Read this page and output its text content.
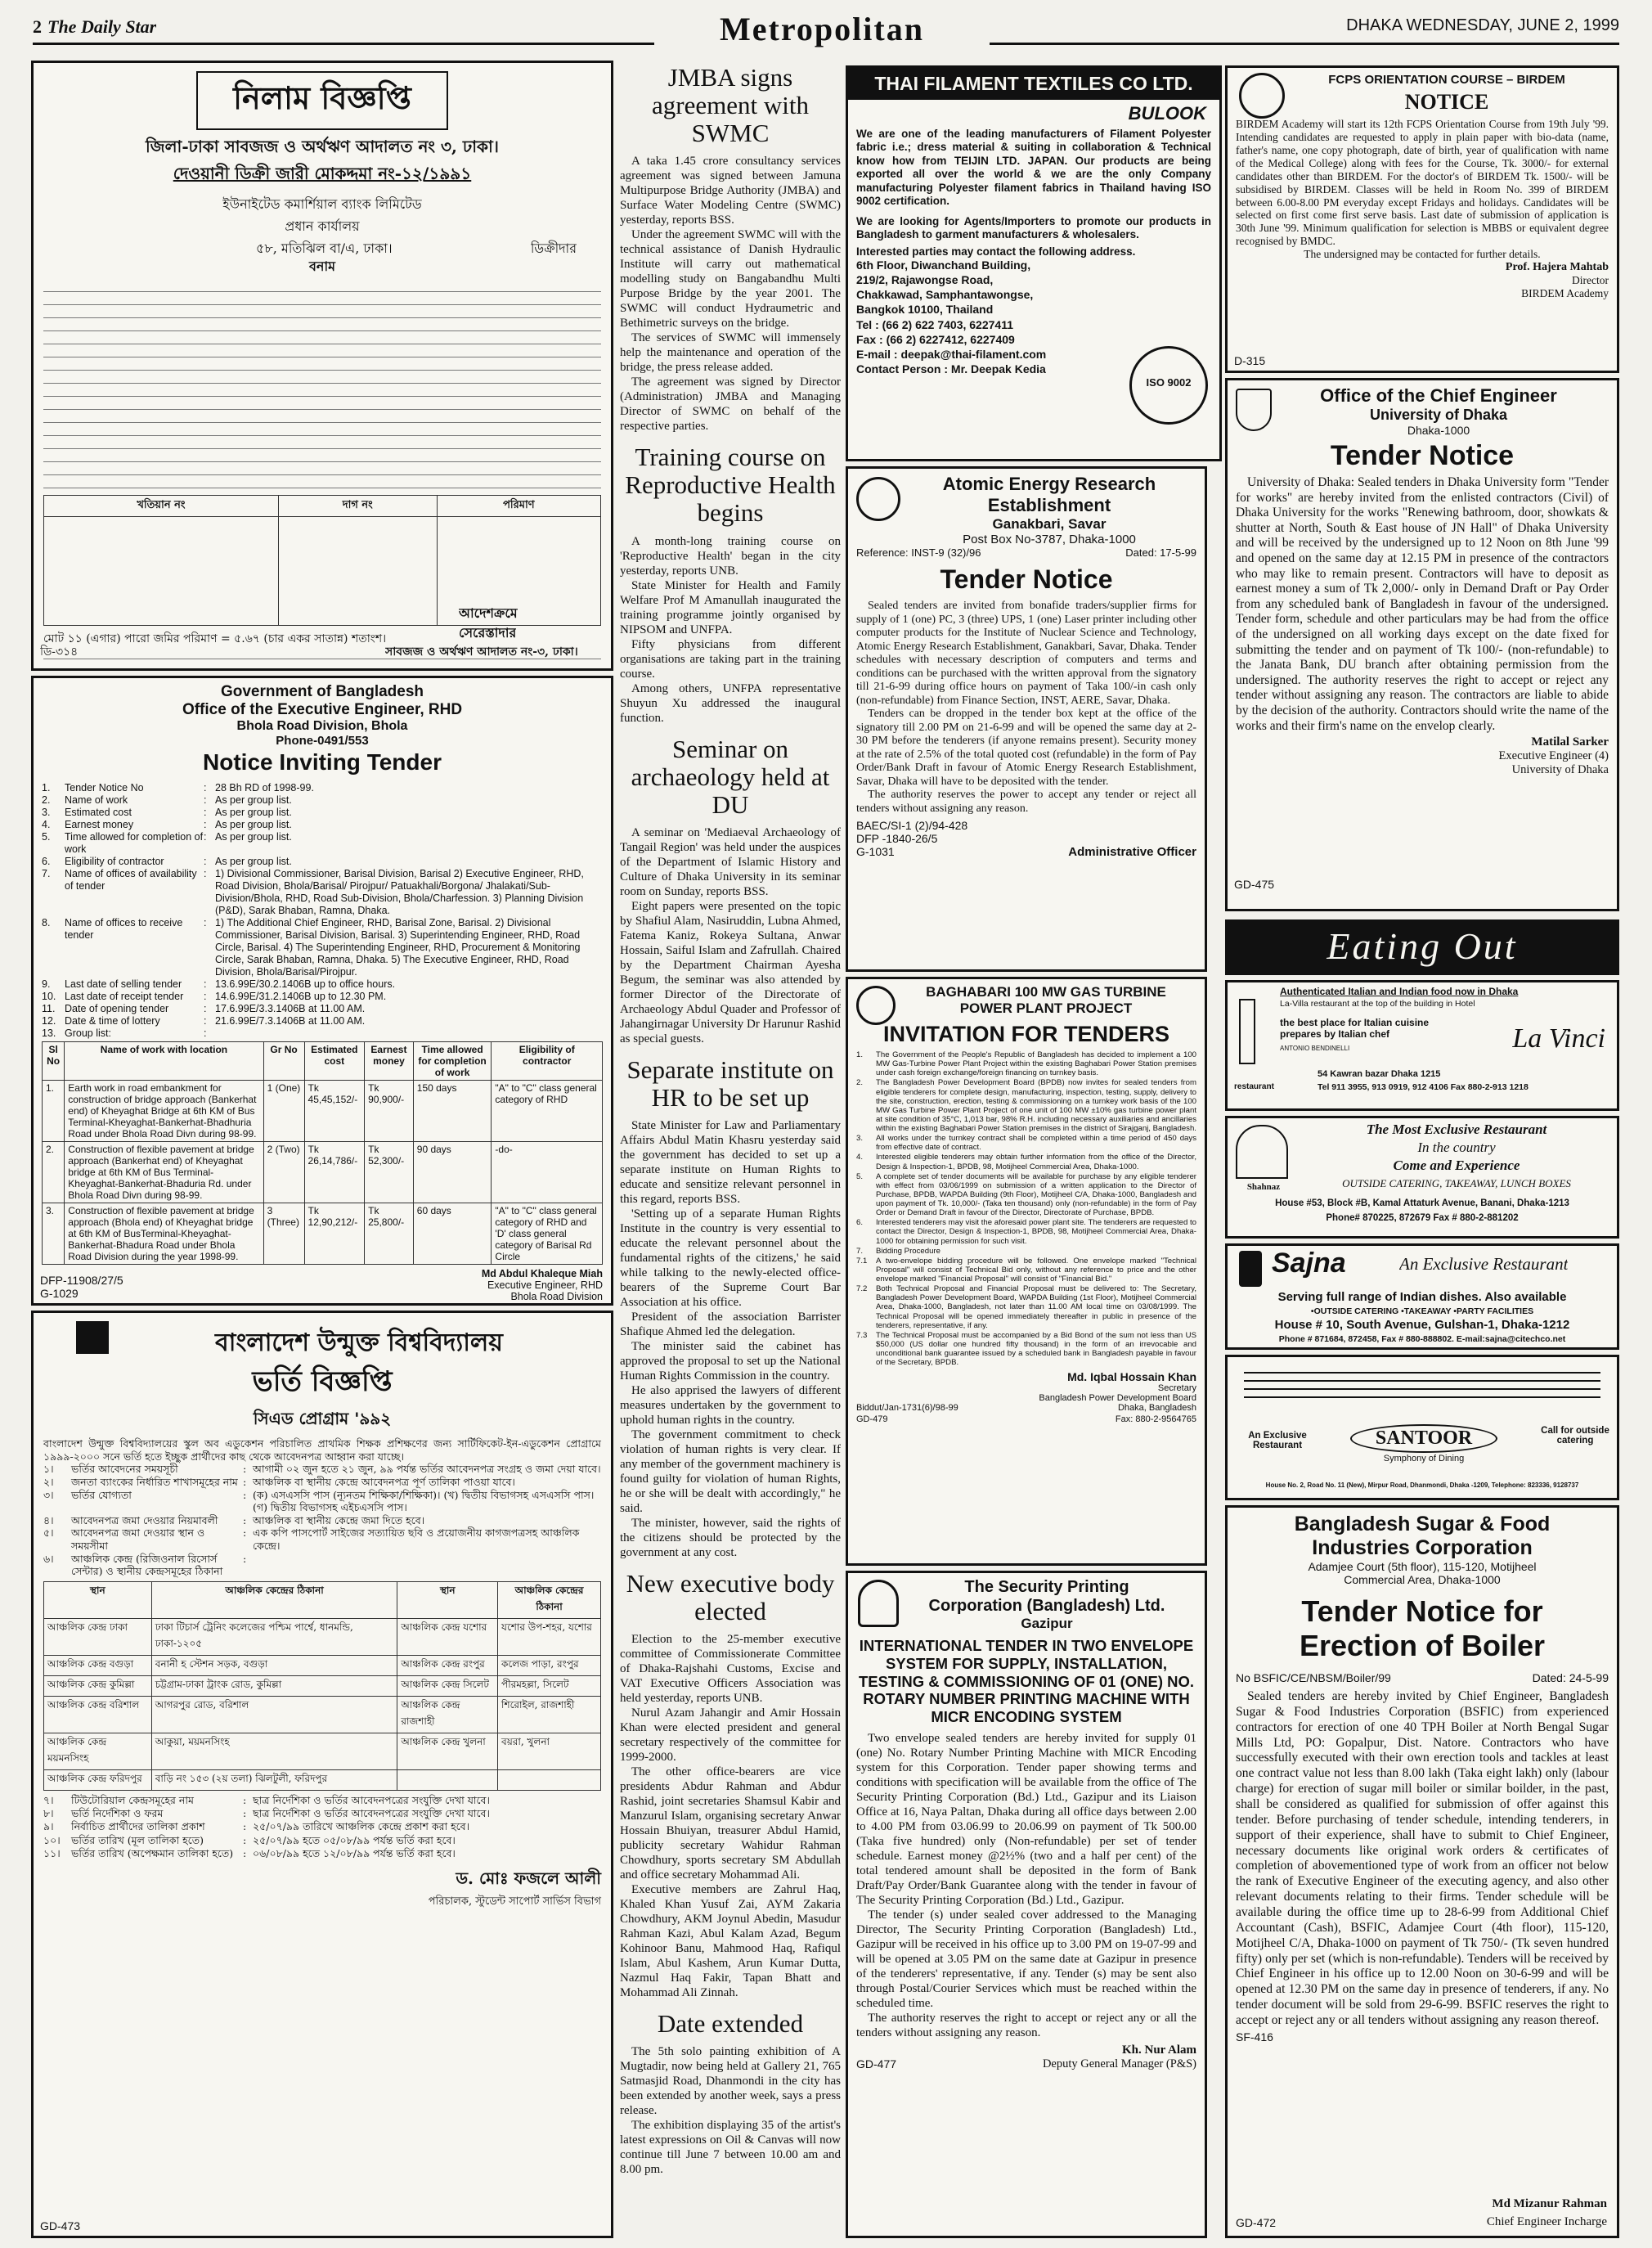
2 The Daily Star	Metropolitan	DHAKA WEDNESDAY, JUNE 2, 1999
নিলাম বিজ্ঞপ্তি
জিলা-ঢাকা সাবজজ ও অর্থঋণ আদালত নং ৩, ঢাকা।
দেওয়ানী ডিক্রী জারী মোকদ্দমা নং-১২/১৯৯১
ইউনাইটেড কমার্শিয়াল ব্যাংক লিমিটেড
প্রধান কার্যালয়
৫৮, মতিঝিল বা/এ, ঢাকা।	ডিক্রীদার
বনাম
খতিয়ান নং	দাগ নং	পরিমাণ

মোট ১১ (এগার) পারো জমির পরিমাণ = ৫.৬৭ (চার একর সাতান্ন) শতাংশ।
আদেশক্রমে
সেরেস্তাদার
ডি-৩১৪	সাবজজ ও অর্থঋণ আদালত নং-৩, ঢাকা।
Government of Bangladesh
Office of the Executive Engineer, RHD
Bhola Road Division, Bhola
Phone-0491/553
Notice Inviting Tender
1.	Tender Notice No	: 28 Bh RD of 1998-99.
2.	Name of work	: As per group list.
3.	Estimated cost	: As per group list.
4.	Earnest money	: As per group list.
5.	Time allowed for completion of work
: As per group list.
6.	Eligibility of contractor	: As per group list.
7.	Name of offices of availability of tender
: 1) Divisional Commissioner, Barisal Division, Barisal 2) Executive Engineer, RHD, Road Division, Bhola/Barisal/ Pirojpur/ Patuakhali/Borgona/ Jhalakati/Sub-Division/Bhola, RHD, Road Sub-Division, Bhola/Charfession. 3) Planning Division (P&D), Sarak Bhaban, Ramna, Dhaka.
8.	Name of offices to receive tender
: 1) The Additional Chief Engineer, RHD, Barisal Zone, Barisal. 2) Divisional Commissioner, Barisal Division, Barisal. 3) Superintending Engineer, RHD, Road Circle, Barisal. 4) The Superintending Engineer, RHD, Procurement & Monitoring Circle, Sarak Bhaban, Ramna, Dhaka. 5) The Executive Engineer, RHD, Road Division, Bhola/Barisal/Pirojpur.
9.	Last date of selling tender	: 13.6.99E/30.2.1406B up to office hours.
10. Last date of receipt tender	: 14.6.99E/31.2.1406B up to 12.30 PM.
11. Date of opening tender	: 17.6.99E/3.3.1406B at 11.00 AM.
12. Date & time of lottery	: 21.6.99E/7.3.1406B at 11.00 AM.
13. Group list:	:
Sl No	Name of work with location	Gr No	Estimated cost	Earnest money	Time allowed for completion of work	Eligibility of contractor
1.	Earth work in road embankment for construction of bridge approach (Bankerhat end) of Kheyaghat Bridge at 6th KM of Bus Terminal-Kheyaghat-Bankerhat-Bhadhuria Road under Bhola Road Divn during 98-99.	1 (One)	Tk 45,45,152/-	Tk 90,900/-	150 days	"A" to "C" class general category of RHD
2.	Construction of flexible pavement at bridge approach (Bankerhat end) of Kheyaghat bridge at 6th KM of Bus Terminal-Kheyaghat-Bankerhat-Bhaduria Rd. under Bhola Road Divn during 98-99.	2 (Two)	Tk 26,14,786/-	Tk 52,300/-	90 days	-do-
3.	Construction of flexible pavement at bridge approach (Bhola end) of Kheyaghat bridge at 6th KM of BusTerminal-Kheyaghat-Bankerhat-Bhadura Road under Bhola Road Division during the year 1998-99.	3 (Three)	Tk 12,90,212/-	Tk 25,800/-	60 days	"A" to "C" class general category of RHD and 'D' class general category of Barisal Rd Circle
Md Abdul Khaleque Miah
Executive Engineer, RHD
Bhola Road Division
DFP-11908/27/5
G-1029
বাংলাদেশ উন্মুক্ত বিশ্ববিদ্যালয়
ভর্তি বিজ্ঞপ্তি
সিএড প্রোগ্রাম '৯৯২
বাংলাদেশ উন্মুক্ত বিশ্ববিদ্যালয়ের স্কুল অব এডুকেশন পরিচালিত প্রাথমিক শিক্ষক প্রশিক্ষণের জন্য সার্টিফিকেট-ইন-এডুকেশন প্রোগ্রামে ১৯৯৯-২০০০ সনে ভর্তি হতে ইচ্ছুক প্রার্থীদের কাছ থেকে আবেদনপত্র আহ্বান করা যাচ্ছে।
১।	ভর্তির আবেদনের সময়সূচী	: আগামী ০২ জুন হতে ২১ জুন, ৯৯ পর্যন্ত ভর্তির আবেদনপত্র সংগ্রহ ও জমা দেয়া যাবে।
২।	জনতা ব্যাংকের নির্ধারিত শাখাসমূহের নাম : আঞ্চলিক বা স্থানীয় কেন্দ্রে আবেদনপত্র পূর্ণ তালিকা পাওয়া যাবে।
৩।	ভর্তির যোগ্যতা	: (ক) এসএসসি পাস (ন্যূনতম শিক্ষিকা/শিক্ষিকা)। (খ) দ্বিতীয় বিভাগসহ এসএসসি পাস। (গ) দ্বিতীয় বিভাগসহ এইচএসসি পাস।
৪।	আবেদনপত্র জমা দেওয়ার নিয়মাবলী	: আঞ্চলিক বা স্থানীয় কেন্দ্রে জমা দিতে হবে।
৫।	আবেদনপত্র জমা দেওয়ার স্থান ও সময়সীমা
: এক কপি পাসপোর্ট সাইজের সত্যায়িত ছবি ও প্রয়োজনীয় কাগজপত্রসহ আঞ্চলিক কেন্দ্রে।
৬।	আঞ্চলিক কেন্দ্র (রিজিওনাল রিসোর্স সেন্টার) ও স্থানীয় কেন্দ্রসমূহের ঠিকানা
:
স্থান	আঞ্চলিক কেন্দ্রের ঠিকানা	স্থান	আঞ্চলিক কেন্দ্রের ঠিকানা
আঞ্চলিক কেন্দ্র ঢাকা	ঢাকা টিচার্স ট্রেনিং কলেজের পশ্চিম পার্শ্বে, ধানমন্ডি, ঢাকা-১২০৫	আঞ্চলিক কেন্দ্র যশোর	যশোর উপ-শহর, যশোর
আঞ্চলিক কেন্দ্র বগুড়া	বনানী হ স্টেশন সড়ক, বগুড়া	আঞ্চলিক কেন্দ্র রংপুর	কলেজ পাড়া, রংপুর
আঞ্চলিক কেন্দ্র কুমিল্লা	চট্টগ্রাম-ঢাকা ট্রাংক রোড, কুমিল্লা	আঞ্চলিক কেন্দ্র সিলেট	পীরমহল্লা, সিলেট
আঞ্চলিক কেন্দ্র বরিশাল	আগরপুর রোড, বরিশাল	আঞ্চলিক কেন্দ্র রাজশাহী	শিরোইল, রাজশাহী
আঞ্চলিক কেন্দ্র ময়মনসিংহ	আকুয়া, ময়মনসিংহ	আঞ্চলিক কেন্দ্র খুলনা	বয়রা, খুলনা
আঞ্চলিক কেন্দ্র ফরিদপুর	বাড়ি নং ১৫৩ (২য় তলা) ঝিলটুলী, ফরিদপুর		
৭।	টিউটোরিয়াল কেন্দ্রসমূহের নাম	: ছাত্র নির্দেশিকা ও ভর্তির আবেদনপত্রের সংযুক্তি দেখা যাবে।
৮।	ভর্তি নির্দেশিকা ও ফরম	: ছাত্র নির্দেশিকা ও ভর্তির আবেদনপত্রের সংযুক্তি দেখা যাবে।
৯।	নির্বাচিত প্রার্থীদের তালিকা প্রকাশ	: ২৫/০৭/৯৯ তারিখে আঞ্চলিক কেন্দ্রে প্রকাশ করা হবে।
১০।	ভর্তির তারিখ (মূল তালিকা হতে)	: ২৫/০৭/৯৯ হতে ০৫/০৮/৯৯ পর্যন্ত ভর্তি করা হবে।
১১।	ভর্তির তারিখ (অপেক্ষমান তালিকা হতে) : ০৬/০৮/৯৯ হতে ১২/০৮/৯৯ পর্যন্ত ভর্তি করা হবে।
ড. মোঃ ফজলে আলী
পরিচালক, স্টুডেন্ট সাপোর্ট সার্ভিস বিভাগ
GD-473
JMBA signs agreement with SWMC

A taka 1.45 crore consultancy services agreement was signed between Jamuna Multipurpose Bridge Authority (JMBA) and Surface Water Modeling Centre (SWMC) yesterday, reports BSS.

Under the agreement SWMC will with the technical assistance of Danish Hydraulic Institute will carry out mathematical modelling study on Bangabandhu Multi Purpose Bridge by the year 2001. The SWMC will conduct Hydraumetric and Bethimetric surveys on the bridge.

The services of SWMC will immensely help the maintenance and operation of the bridge, the press release added.

The agreement was signed by Director (Administration) JMBA and Managing Director of SWMC on behalf of the respective parties.

Training course on Reproductive Health begins

A month-long training course on 'Reproductive Health' began in the city yesterday, reports UNB.

State Minister for Health and Family Welfare Prof M Amanullah inaugurated the training programme jointly organised by NIPSOM and UNFPA.

Fifty physicians from different organisations are taking part in the training course.

Among others, UNFPA representative Shuyun Xu addressed the inaugural function.

Seminar on archaeology held at DU

A seminar on 'Mediaeval Archaeology of Tangail Region' was held under the auspices of the Department of Islamic History and Culture of Dhaka University in its seminar room on Sunday, reports BSS.

Eight papers were presented on the topic by Shafiul Alam, Nasiruddin, Lubna Ahmed, Fatema Kaniz, Rokeya Sultana, Anwar Hossain, Saiful Islam and Zafrullah. Chaired by the Department Chairman Ayesha Begum, the seminar was also attended by former Director of the Directorate of Archaeology Abdul Quader and Professor of Jahangirnagar University Dr Harunur Rashid as special guests.

Separate institute on HR to be set up

State Minister for Law and Parliamentary Affairs Abdul Matin Khasru yesterday said the government has decided to set up a separate institute on Human Rights to educate and sensitize relevant personnel in this regard, reports BSS.

'Setting up of a separate Human Rights Institute in the country is very essential to educate the relevant personnel about the fundamental rights of the citizens,' he said while talking to the newly-elected office-bearers of the Supreme Court Bar Association at his office.

President of the association Barrister Shafique Ahmed led the delegation.

The minister said the cabinet has approved the proposal to set up the National Human Rights Commission in the country.

He also apprised the lawyers of different measures undertaken by the government to uphold human rights in the country.

The government commitment to check violation of human rights is very clear. If any member of the government machinery is found guilty for violation of human Rights, he or she will be dealt with accordingly," he said.

The minister, however, said the rights of the citizens should be protected by the government at any cost.

New executive body elected

Election to the 25-member executive committee of Commissionerate Committee of Dhaka-Rajshahi Customs, Excise and VAT Executive Officers Association was held yesterday, reports UNB.

Nurul Azam Jahangir and Amir Hossain Khan were elected president and general secretary respectively of the committee for 1999-2000.

The other office-bearers are vice presidents Abdur Rahman and Abdur Rashid, joint secretaries Shamsul Kabir and Manzurul Islam, organising secretary Anwar Hossain Bhuiyan, treasurer Abdul Hamid, publicity secretary Wahidur Rahman Chowdhury, sports secretary SM Abdullah and office secretary Mohammad Ali.

Executive members are Zahrul Haq, Khaled Khan Yusuf Zai, AYM Zakaria Chowdhury, AKM Joynul Abedin, Masudur Rahman Kazi, Abul Kalam Azad, Begum Kohinoor Banu, Mahmood Haq, Rafiqul Islam, Abul Kashem, Arun Kumar Dutta, Nazmul Haq Fakir, Tapan Bhatt and Mohammad Ali Zinnah.

Date extended

The 5th solo painting exhibition of A Mugtadir, now being held at Gallery 21, 765 Satmasjid Road, Dhanmondi in the city has been extended by another week, says a press release.

The exhibition displaying 35 of the artist's latest expressions on Oil & Canvas will now continue till June 7 between 10.00 am and 8.00 pm.

THAI FILAMENT TEXTILES CO LTD.
BULOOK
We are one of the leading manufacturers of Filament Polyester fabric i.e.; dress material & suiting in collaboration & Technical know how from TEIJIN LTD. JAPAN. Our products are being exported all over the world & we are the only Company manufacturing Polyester filament fabrics in Thailand having ISO 9002 certification.
We are looking for Agents/Importers to promote our products in Bangladesh to garment manufacturers & wholesalers.
Interested parties may contact the following address.
6th Floor, Diwanchand Building,
219/2, Rajawongse Road,
Chakkawad, Samphantawongse,
Bangkok 10100, Thailand
Tel : (66 2) 622 7403, 6227411
Fax : (66 2) 6227412, 6227409
E-mail : deepak@thai-filament.com
Contact Person : Mr. Deepak Kedia
ISO 9002
FCPS ORIENTATION COURSE – BIRDEM
NOTICE
BIRDEM Academy will start its 12th FCPS Orientation Course from 19th July '99. Intending candidates are requested to apply in plain paper with bio-data (name, father's name, one copy photograph, date of birth, year of qualification with name of the Medical College) along with fees for the Course, Tk. 3000/- for external candidates other than BIRDEM. For the doctor's of BIRDEM Tk. 1500/- will be subsidised by BIRDEM. Classes will be held in Room No. 399 of BIRDEM between 6.00-8.00 PM everyday except Fridays and holidays. Candidates will be selected on first come first serve basis. Last date of submission of application is 30th June '99. Minimum qualification for selection is MBBS or equivalent degree recognised by BMDC.
The undersigned may be contacted for further details.
Prof. Hajera Mahtab
Director
BIRDEM Academy
D-315
Office of the Chief Engineer
University of Dhaka
Dhaka-1000
Tender Notice
University of Dhaka: Sealed tenders in Dhaka University form "Tender for works" are hereby invited from the enlisted contractors (Civil) of Dhaka University for the works "Renewing bathroom, door, showkats & shutter at North, South & East house of JN Hall" of Dhaka University and will be received by the undersigned up to 12 Noon on 8th June '99 and opened on the same day at 12.15 PM in presence of the contractors who may like to remain present. Contractors will have to deposit as earnest money a sum of Tk 2,000/- only in Demand Draft or Pay Order from any scheduled bank of Bangladesh in favour of the undersigned. Tender form, schedule and other particulars may be had from the office of the undersigned on all working days except on the date fixed for submitting the tender and on payment of Tk 100/- (non-refundable) to the Janata Bank, DU branch after obtaining permission from the undersigned. The authority reserves the right to accept or reject any tender without assigning any reason. The contractors are liable to abide by the decision of the authority. Contractors should write the name of the works and their firm's name on the envelop clearly.
Matilal Sarker
Executive Engineer (4)
University of Dhaka
GD-475
Atomic Energy Research
Establishment
Ganakbari, Savar
Post Box No-3787, Dhaka-1000
Reference: INST-9 (32)/96	Dated: 17-5-99
Tender Notice
Sealed tenders are invited from bonafide traders/supplier firms for supply of 1 (one) PC, 3 (three) UPS, 1 (one) Laser printer including other computer products for the Institute of Nuclear Science and Technology, Atomic Energy Research Establishment, Ganakbari, Savar, Dhaka. Tender schedules with necessary description of computers and terms and conditions can be purchased with the written approval from the signatory till 21-6-99 during office hours on payment of Taka 100/-in cash only (non-refundable) from Finance Section, INST, AERE, Savar, Dhaka.
Tenders can be dropped in the tender box kept at the office of the signatory till 2.00 PM on 21-6-99 and will be opened the same day at 2-30 PM before the tenderers (if anyone remains present). Security money at the rate of 2.5% of the total quoted cost (refundable) in the form of Pay Order/Bank Draft in favour of Atomic Energy Research Establishment, Savar, Dhaka will have to be deposited with the tender.
The authority reserves the power to accept any tender or reject all tenders without assigning any reason.
BAEC/SI-1 (2)/94-428
DFP -1840-26/5
G-1031	Administrative Officer
BAGHABARI 100 MW GAS TURBINE
POWER PLANT PROJECT
INVITATION FOR TENDERS
1.	The Government of the People's Republic of Bangladesh has decided to implement a 100 MW Gas-Turbine Power Plant Project within the existing Baghabari Power Station premises under cash foreign exchange/foreign financing on turnkey basis.
2.	The Bangladesh Power Development Board (BPDB) now invites for sealed tenders from eligible tenderers for complete design, manufacturing, inspection, testing, supply, delivery to the site, construction, erection, testing & commissioning on a turnkey work basis of the 100 MW Gas Turbine Power Plant Project of one unit of 100 MW ±10% gas turbine power plant at site condition of 35°C, 1,013 bar, 98% R.H. including necessary auxiliaries and ancillaries within the existing Baghabari Power Station premises in the district of Sirajganj, Bangladesh.
3.	All works under the turnkey contract shall be completed within a time period of 450 days from effective date of contract.
4.	Interested eligible tenderers may obtain further information from the office of the Director, Design & Inspection-1, BPDB, 98, Motijheel Commercial Area, Dhaka-1000.
5.	A complete set of tender documents will be available for purchase by any eligible tenderer with effect from 03/06/1999 on submission of a written application to the Director of Purchase, BPDB, WAPDA Building (9th Floor), Motijheel C/A, Dhaka-1000, Bangladesh and upon payment of Tk. 10,000/- (Taka ten thousand) only (non-refundable) in the form of Pay Order or Demand Draft in favour of the Director, Directorate of Purchase, BPDB.
6.	Interested tenderers may visit the aforesaid power plant site. The tenderers are requested to contact the Director, Design & Inspection-1, BPDB, 98, Motijheel Commercial Area, Dhaka-1000 for obtaining permission for such visit.
7.	Bidding Procedure
7.1	A two-envelope bidding procedure will be followed. One envelope marked "Technical Proposal" will consist of Technical Bid only, without any reference to price and the other envelope marked "Financial Proposal" will consist of "Financial Bid."
7.2	Both Technical Proposal and Financial Proposal must be delivered to: The Secretary, Bangladesh Power Development Board, WAPDA Building (1st Floor), Motijheel Commercial Area, Dhaka-1000, Bangladesh, not later than 11.00 AM local time on 03/08/1999. The Technical Proposal will be opened immediately thereafter in public in presence of the tenderers, representative, if any.
7.3	The Technical Proposal must be accompanied by a Bid Bond of the sum not less than US $50,000 (US dollar one hundred fifty thousand) in the form of an irrevocable and unconditional bank guarantee issued by a scheduled bank in Bangladesh payable in favour of the Secretary, BPDB.
Md. Iqbal Hossain Khan
Secretary
Bangladesh Power Development Board
Biddut/Jan-1731(6)/98-99	Dhaka, Bangladesh
GD-479	Fax: 880-2-9564765
The Security Printing
Corporation (Bangladesh) Ltd.
Gazipur
INTERNATIONAL TENDER IN TWO ENVELOPE SYSTEM FOR SUPPLY, INSTALLATION, TESTING & COMMISSIONING OF 01 (ONE) NO. ROTARY NUMBER PRINTING MACHINE WITH MICR ENCODING SYSTEM
Two envelope sealed tenders are hereby invited for supply 01 (one) No. Rotary Number Printing Machine with MICR Encoding system for this Corporation. Tender paper showing terms and conditions with specification will be available from the office of The Security Printing Corporation (Bd.) Ltd., Gazipur and its Liaison Office at 16, Naya Paltan, Dhaka during all office days between 2.00 to 4.00 PM from 03.06.99 to 20.06.99 on payment of Tk 500.00 (Taka five hundred) only (Non-refundable) per set of tender schedule. Earnest money @2½% (two and a half per cent) of the total tendered amount shall be deposited in the form of Bank Draft/Pay Order/Bank Guarantee along with the tender in favour of The Security Printing Corporation (Bd.) Ltd., Gazipur.
The tender (s) under sealed cover addressed to the Managing Director, The Security Printing Corporation (Bangladesh) Ltd., Gazipur will be received in his office up to 3.00 PM on 19-07-99 and will be opened at 3.05 PM on the same date at Gazipur in presence of the tenderers' representative, if any. Tender (s) may be sent also through Postal/Courier Services which must be reached within the scheduled time.
The authority reserves the right to accept or reject any or all the tenders without assigning any reason.
Kh. Nur Alam
GD-477	Deputy General Manager (P&S)
Eating Out
Authenticated Italian and Indian food now in Dhaka
La-Villa restaurant at the top of the building in Hotel
the best place for Italian cuisine prepares by Italian chef
ANTONIO BENDINELLI	La Vinci
restaurant
54 Kawran bazar Dhaka 1215
Tel 911 3955, 913 0919, 912 4106 Fax 880-2-913 1218
Shahnaz
The Most Exclusive Restaurant
In the country
Come and Experience
OUTSIDE CATERING, TAKEAWAY, LUNCH BOXES
House #53, Block #B, Kamal Attaturk Avenue, Banani, Dhaka-1213
Phone# 870225, 872679 Fax # 880-2-881202
Sajna	An Exclusive Restaurant
Serving full range of Indian dishes. Also available
•OUTSIDE CATERING •TAKEAWAY •PARTY FACILITIES
House # 10, South Avenue, Gulshan-1, Dhaka-1212
Phone # 871684, 872458, Fax # 880-888802. E-mail:sajna@citechco.net
An Exclusive Restaurant	SANTOOR
Symphony of Dining
Call for outside catering
House No. 2, Road No. 11 (New), Mirpur Road, Dhanmondi, Dhaka -1209, Telephone: 823336, 9128737
Bangladesh Sugar & Food
Industries Corporation
Adamjee Court (5th floor), 115-120, Motijheel
Commercial Area, Dhaka-1000
Tender Notice for
Erection of Boiler
No BSFIC/CE/NBSM/Boiler/99	Dated: 24-5-99
Sealed tenders are hereby invited by Chief Engineer, Bangladesh Sugar & Food Industries Corporation (BSFIC) from experienced contractors for erection of one 40 TPH Boiler at North Bengal Sugar Mills Ltd, PO: Gopalpur, Dist. Natore. Contractors who have successfully executed with their own erection tools and tackles at least one contract value not less than 8.00 lakh (Taka eight lakh) only (labour charge) for erection of sugar mill boiler or similar boilder, in the past, shall be considered as qualified for submission of offer against this tender. Before purchasing of tender schedule, intending tenderers, in support of their experience, shall have to submit to Chief Engineer, necessary documents like original work orders & certificates of completion of abovementioned type of work from an officer not below the rank of Executive Engineer of the executing agency, and also other relevant documents relating to their firms. Tender schedule will be available during the office time up to 28-6-99 from Additional Chief Accountant (Cash), BSFIC, Adamjee Court (4th floor), 115-120, Motijheel C/A, Dhaka-1000 on payment of Tk 750/- (Tk seven hundred fifty) only per set (which is non-refundable). Tenders will be received by Chief Engineer in his office up to 12.00 Noon on 30-6-99 and will be opened at 12.30 PM on the same day in presence of tenderers, if any. No tender document will be sold from 29-6-99. BSFIC reserves the right to accept or reject any or all tenders without assigning any reason thereof.
SF-416
Md Mizanur Rahman
GD-472	Chief Engineer Incharge
